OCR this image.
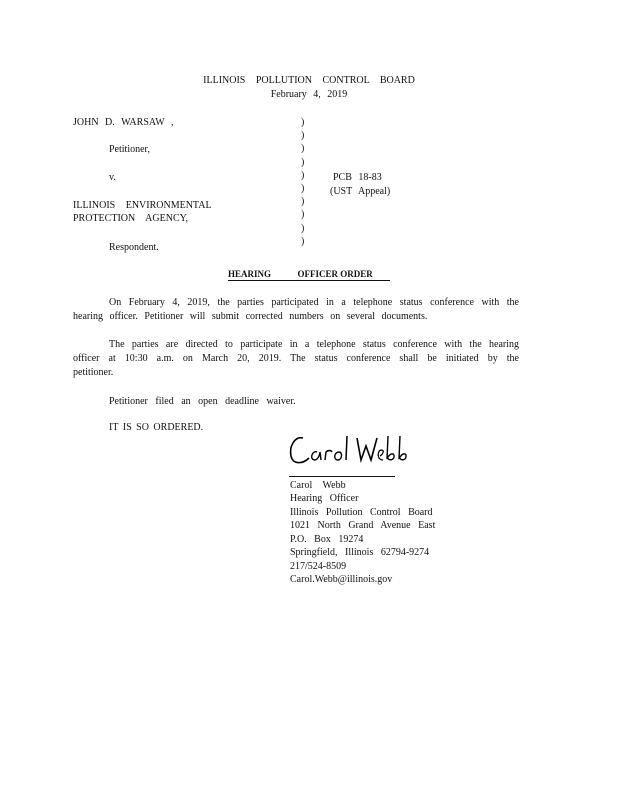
ILLINOIS POLLUTION CONTROL BOARD
February 4, 2019
JOHN D. WARSAW ,
Petitioner,
v.
ILLINOIS ENVIRONMENTAL
PROTECTION AGENCY,
Respondent.
)
)
)
)
)
)
)
)
)
)
PCB 18-83
(UST Appeal)
HEARING	OFFICER ORDER
On February 4, 2019, the parties participated in a telephone status conference with the hearing officer. Petitioner will submit corrected numbers on several documents.
The parties are directed to participate in a telephone status conference with the hearing officer at 10:30 a.m. on March 20, 2019. The status conference shall be initiated by the petitioner.
Petitioner filed an open deadline waiver.
IT IS SO ORDERED.
Carol Webb
Hearing Officer
Illinois Pollution Control Board
1021 North Grand Avenue East
P.O. Box 19274
Springfield, Illinois 62794-9274
217/524-8509
Carol.Webb@illinois.gov
